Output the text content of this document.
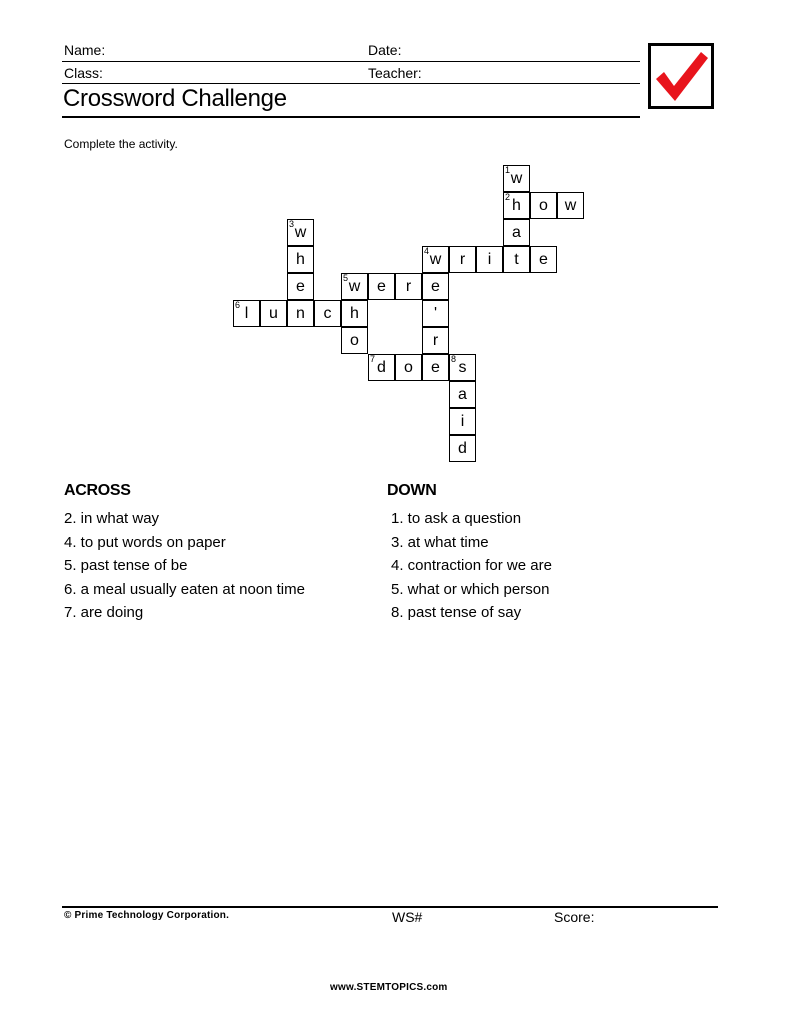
Name:	Date:
Class:	Teacher:
Crossword Challenge
Complete the activity.
1 w
2 h	o	w
a
4 w	r	i	t	e
3 w
h
e
n
5 w	e	r	e
6 l	u	c	h
o
'
r
7 d	o	e	8 s
a
i
d
ACROSS	DOWN
2. in what way
4. to put words on paper
5. past tense of be
6. a meal usually eaten at noon time
7. are doing
1. to ask a question
3. at what time
4. contraction for we are
5. what or which person
8. past tense of say
© Prime Technology Corporation.	WS#	Score:
www.STEMTOPICS.com
